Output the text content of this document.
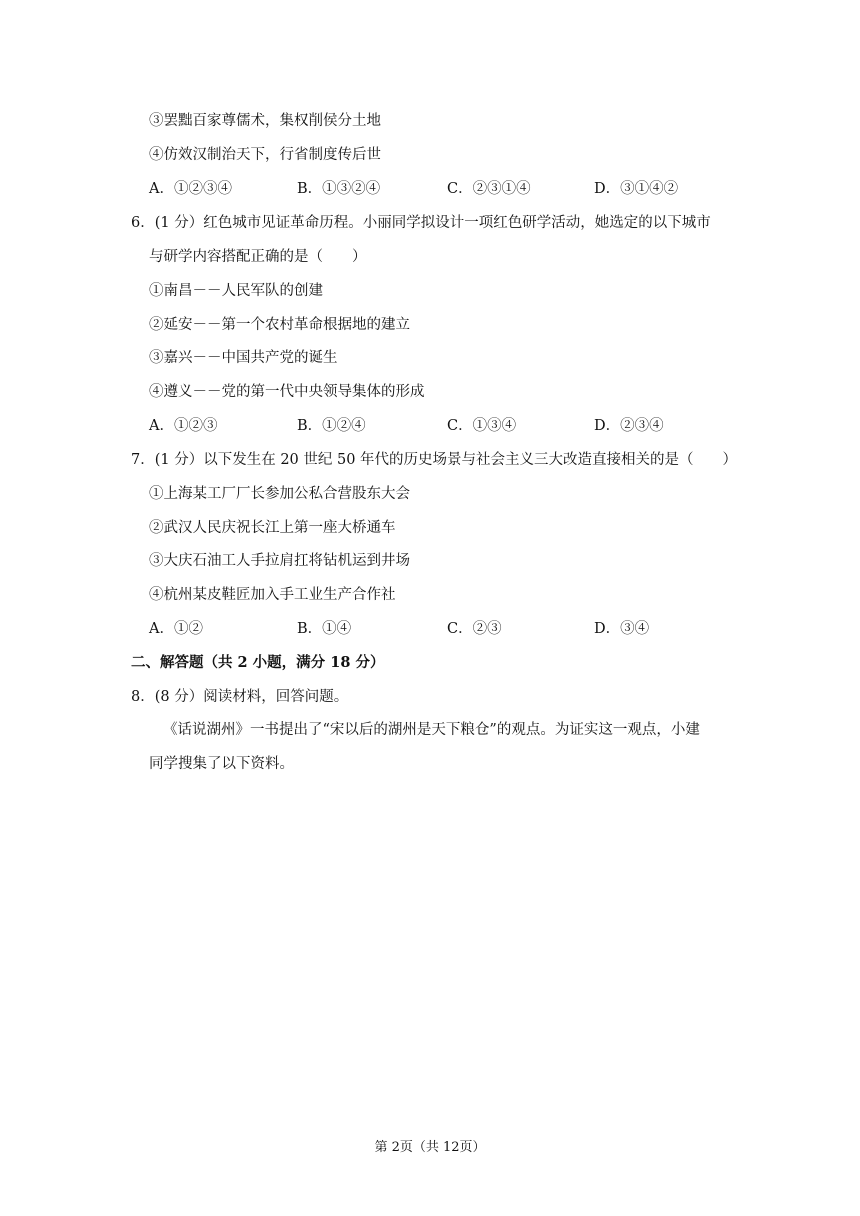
③罢黜百家尊儒术，集权削侯分土地
④仿效汉制治天下，行省制度传后世
A．①②③④	B．①③②④	C．②③①④	D．③①④②
6．(1 分）红色城市见证革命历程。小丽同学拟设计一项红色研学活动，她选定的以下城市
与研学内容搭配正确的是（　　）
①南昌－－人民军队的创建
②延安－－第一个农村革命根据地的建立
③嘉兴－－中国共产党的诞生
④遵义－－党的第一代中央领导集体的形成
A．①②③	B．①②④	C．①③④	D．②③④
7．(1 分）以下发生在 20 世纪 50 年代的历史场景与社会主义三大改造直接相关的是（　　）
①上海某工厂厂长参加公私合营股东大会
②武汉人民庆祝长江上第一座大桥通车
③大庆石油工人手拉肩扛将钻机运到井场
④杭州某皮鞋匠加入手工业生产合作社
A．①②	B．①④	C．②③	D．③④
二、解答题（共 2 小题，满分 18 分）
8．(8 分）阅读材料，回答问题。
《话说湖州》一书提出了“宋以后的湖州是天下粮仓”的观点。为证实这一观点，小建
同学搜集了以下资料。
第 2页（共 12页）
